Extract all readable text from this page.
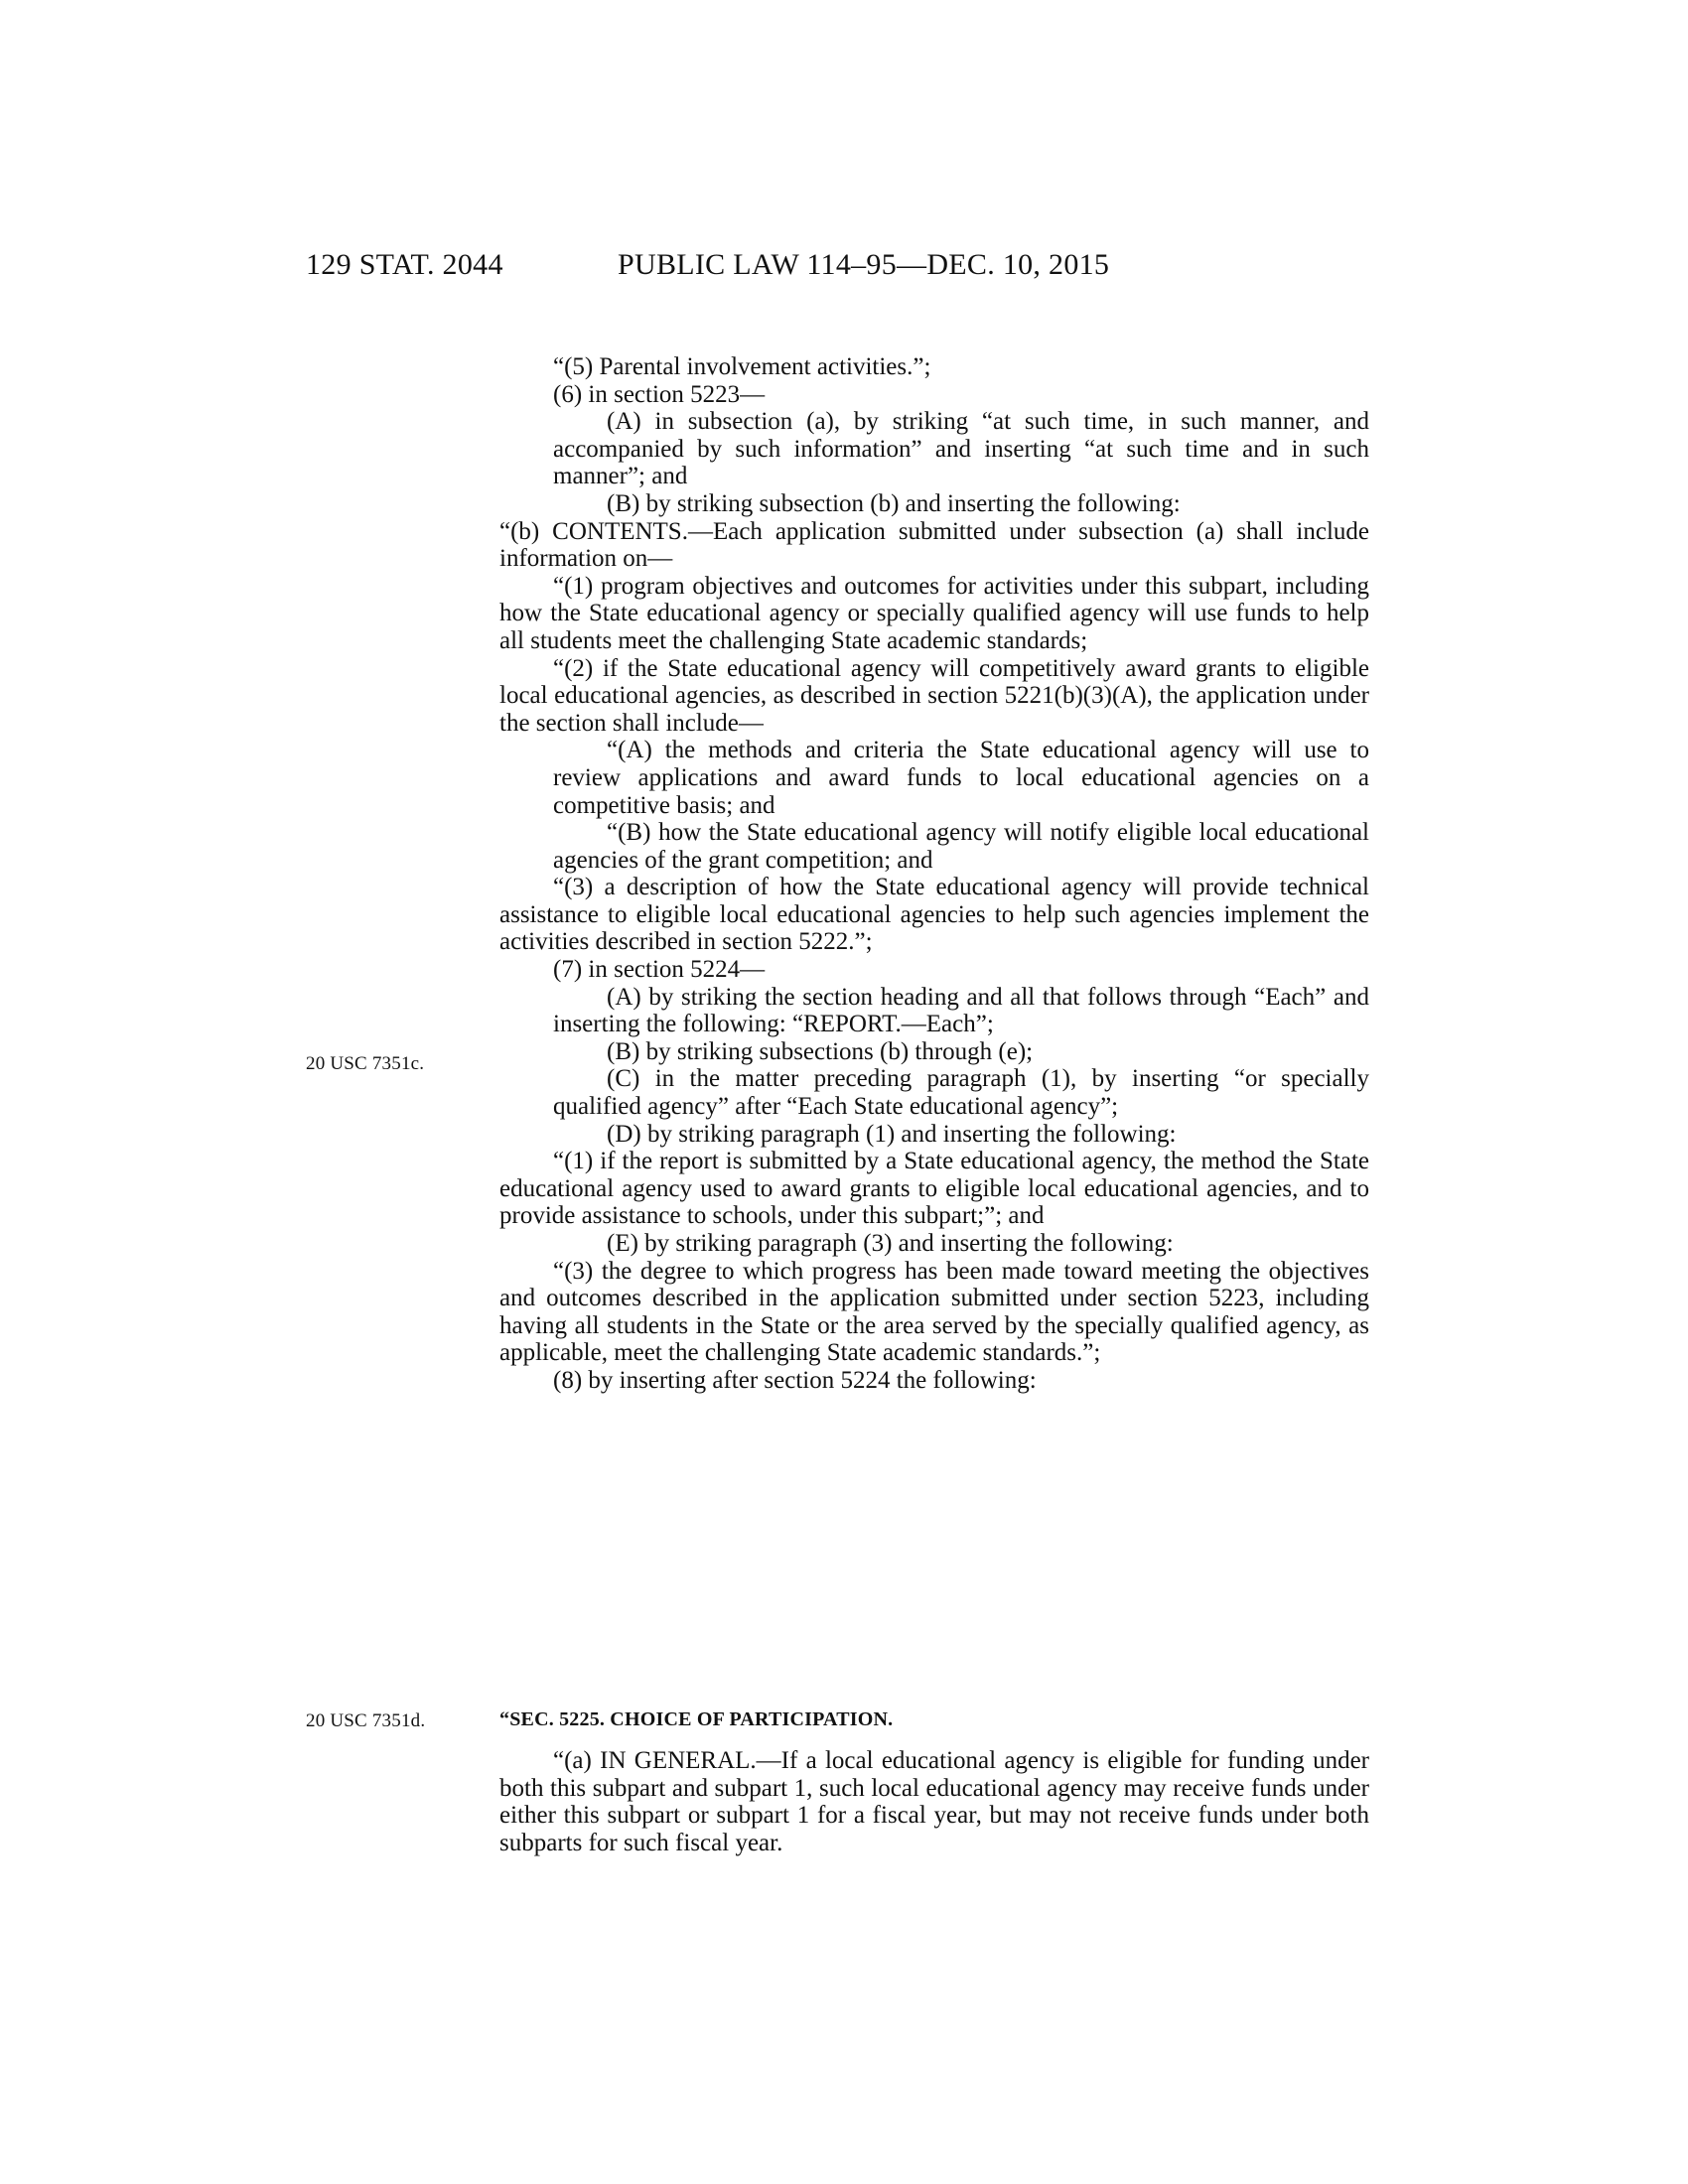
129 STAT. 2044	PUBLIC LAW 114–95—DEC. 10, 2015
20 USC 7351c.
20 USC 7351d.

“(5) Parental involvement activities.”;

(6) in section 5223—

(A) in subsection (a), by striking “at such time, in such manner, and accompanied by such information” and inserting “at such time and in such manner”; and

(B) by striking subsection (b) and inserting the following:

“(b) CONTENTS.—Each application submitted under subsection (a) shall include information on—

“(1) program objectives and outcomes for activities under this subpart, including how the State educational agency or specially qualified agency will use funds to help all students meet the challenging State academic standards;

“(2) if the State educational agency will competitively award grants to eligible local educational agencies, as described in section 5221(b)(3)(A), the application under the section shall include—

“(A) the methods and criteria the State educational agency will use to review applications and award funds to local educational agencies on a competitive basis; and

“(B) how the State educational agency will notify eligible local educational agencies of the grant competition; and

“(3) a description of how the State educational agency will provide technical assistance to eligible local educational agencies to help such agencies implement the activities described in section 5222.”;

(7) in section 5224—

(A) by striking the section heading and all that follows through “Each” and inserting the following: “REPORT.—Each”;

(B) by striking subsections (b) through (e);

(C) in the matter preceding paragraph (1), by inserting “or specially qualified agency” after “Each State educational agency”;

(D) by striking paragraph (1) and inserting the following:

“(1) if the report is submitted by a State educational agency, the method the State educational agency used to award grants to eligible local educational agencies, and to provide assistance to schools, under this subpart;”; and

(E) by striking paragraph (3) and inserting the following:

“(3) the degree to which progress has been made toward meeting the objectives and outcomes described in the application submitted under section 5223, including having all students in the State or the area served by the specially qualified agency, as applicable, meet the challenging State academic standards.”;

(8) by inserting after section 5224 the following:

“SEC. 5225. CHOICE OF PARTICIPATION.

“(a) IN GENERAL.—If a local educational agency is eligible for funding under both this subpart and subpart 1, such local educational agency may receive funds under either this subpart or subpart 1 for a fiscal year, but may not receive funds under both subparts for such fiscal year.
